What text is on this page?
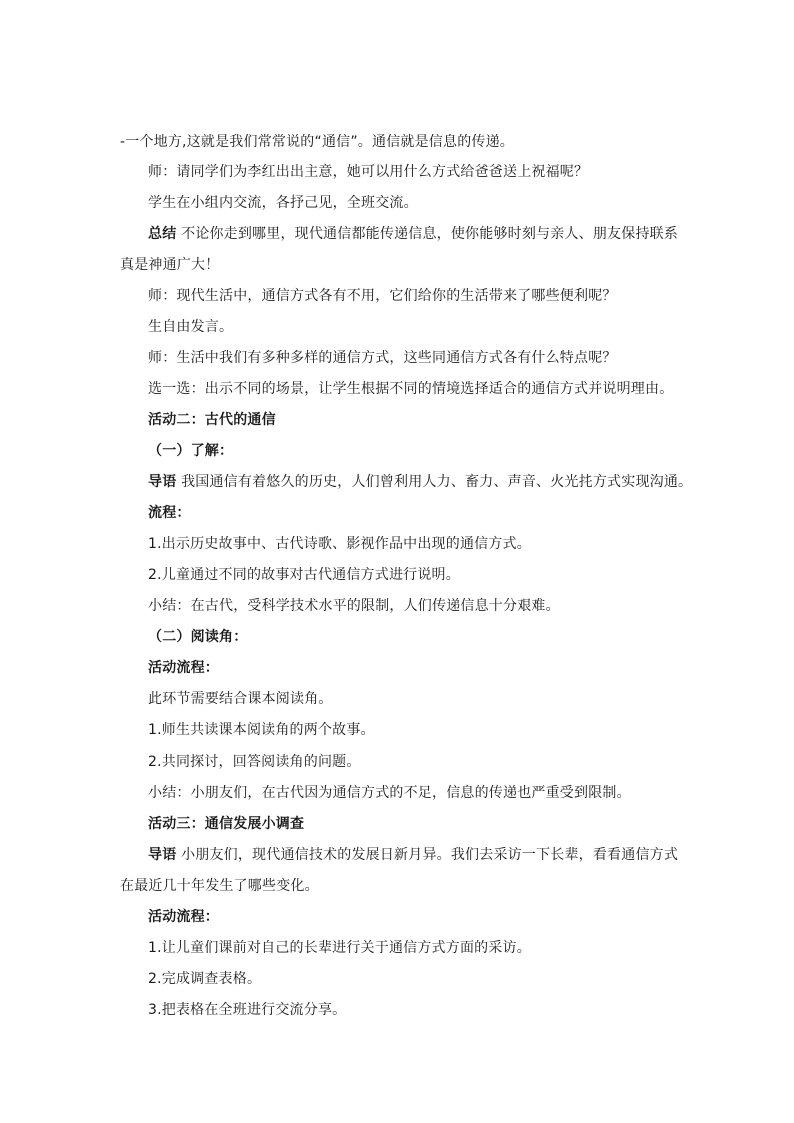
-一个地方,这就是我们常常说的“通信”。通信就是信息的传递。
师：请同学们为李红出出主意，她可以用什么方式给爸爸送上祝福呢？
学生在小组内交流，各抒己见，全班交流。
总结 不论你走到哪里，现代通信都能传递信息，使你能够时刻与亲人、朋友保持联系
真是神通广大！
师：现代生活中，通信方式各有不用，它们给你的生活带来了哪些便利呢？
生自由发言。
师：生活中我们有多种多样的通信方式，这些同通信方式各有什么特点呢？
选一选：出示不同的场景，让学生根据不同的情境选择适合的通信方式并说明理由。
活动二：古代的通信
（一）了解：
导语 我国通信有着悠久的历史，人们曾利用人力、畜力、声音、火光扥方式实现沟通。
流程：
1.出示历史故事中、古代诗歌、影视作品中出现的通信方式。
2.儿童通过不同的故事对古代通信方式进行说明。
小结：在古代，受科学技术水平的限制，人们传递信息十分艰难。
（二）阅读角：
活动流程：
此环节需要结合课本阅读角。
1.师生共读课本阅读角的两个故事。
2.共同探讨，回答阅读角的问题。
小结：小朋友们，在古代因为通信方式的不足，信息的传递也严重受到限制。
活动三：通信发展小调查
导语 小朋友们，现代通信技术的发展日新月异。我们去采访一下长辈，看看通信方式
在最近几十年发生了哪些变化。
活动流程：
1.让儿童们课前对自己的长辈进行关于通信方式方面的采访。
2.完成调查表格。
3.把表格在全班进行交流分享。
